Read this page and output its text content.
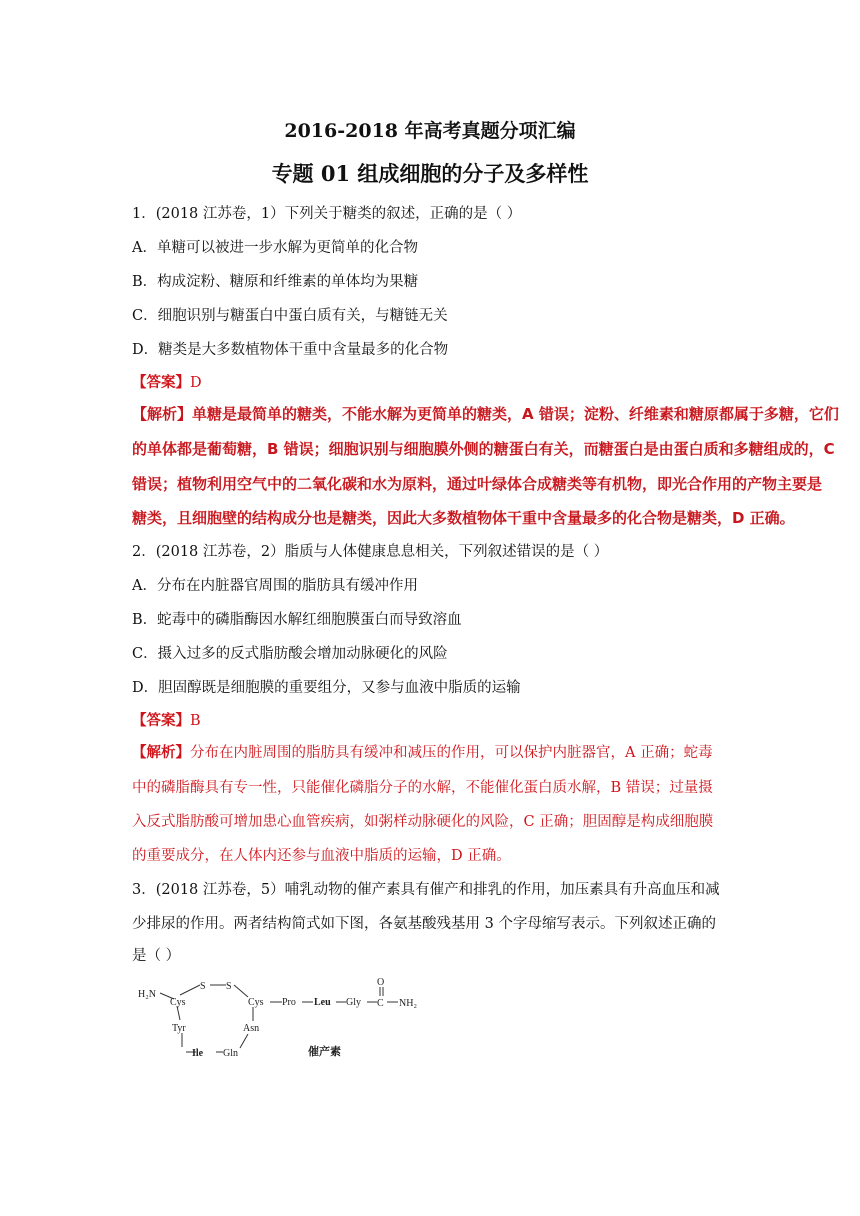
2016-2018 年高考真题分项汇编
专题 01 组成细胞的分子及多样性
1．(2018 江苏卷，1）下列关于糖类的叙述，正确的是（ ）
A．单糖可以被进一步水解为更简单的化合物
B．构成淀粉、糖原和纤维素的单体均为果糖
C．细胞识别与糖蛋白中蛋白质有关，与糖链无关
D．糖类是大多数植物体干重中含量最多的化合物
【答案】D
【解析】单糖是最简单的糖类，不能水解为更简单的糖类，A 错误；淀粉、纤维素和糖原都属于多糖，它们
的单体都是葡萄糖，B 错误；细胞识别与细胞膜外侧的糖蛋白有关，而糖蛋白是由蛋白质和多糖组成的，C
错误；植物利用空气中的二氧化碳和水为原料，通过叶绿体合成糖类等有机物，即光合作用的产物主要是
糖类，且细胞壁的结构成分也是糖类，因此大多数植物体干重中含量最多的化合物是糖类，D 正确。
2．(2018 江苏卷，2）脂质与人体健康息息相关，下列叙述错误的是（ ）
A．分布在内脏器官周围的脂肪具有缓冲作用
B．蛇毒中的磷脂酶因水解红细胞膜蛋白而导致溶血
C．摄入过多的反式脂肪酸会增加动脉硬化的风险
D．胆固醇既是细胞膜的重要组分，又参与血液中脂质的运输
【答案】B
【解析】分布在内脏周围的脂肪具有缓冲和减压的作用，可以保护内脏器官，A 正确；蛇毒
中的磷脂酶具有专一性，只能催化磷脂分子的水解，不能催化蛋白质水解，B 错误；过量摄
入反式脂肪酸可增加患心血管疾病，如粥样动脉硬化的风险，C 正确；胆固醇是构成细胞膜
的重要成分，在人体内还参与血液中脂质的运输，D 正确。
3．(2018 江苏卷，5）哺乳动物的催产素具有催产和排乳的作用，加压素具有升高血压和减
少排尿的作用。两者结构简式如下图，各氨基酸残基用 3 个字母缩写表示。下列叙述正确的
是（ ）
H₂N
Cys
S S
Cys Pro Leu Gly C
O
NH₂
Tyr	Asn
Ile Gln	催产素
